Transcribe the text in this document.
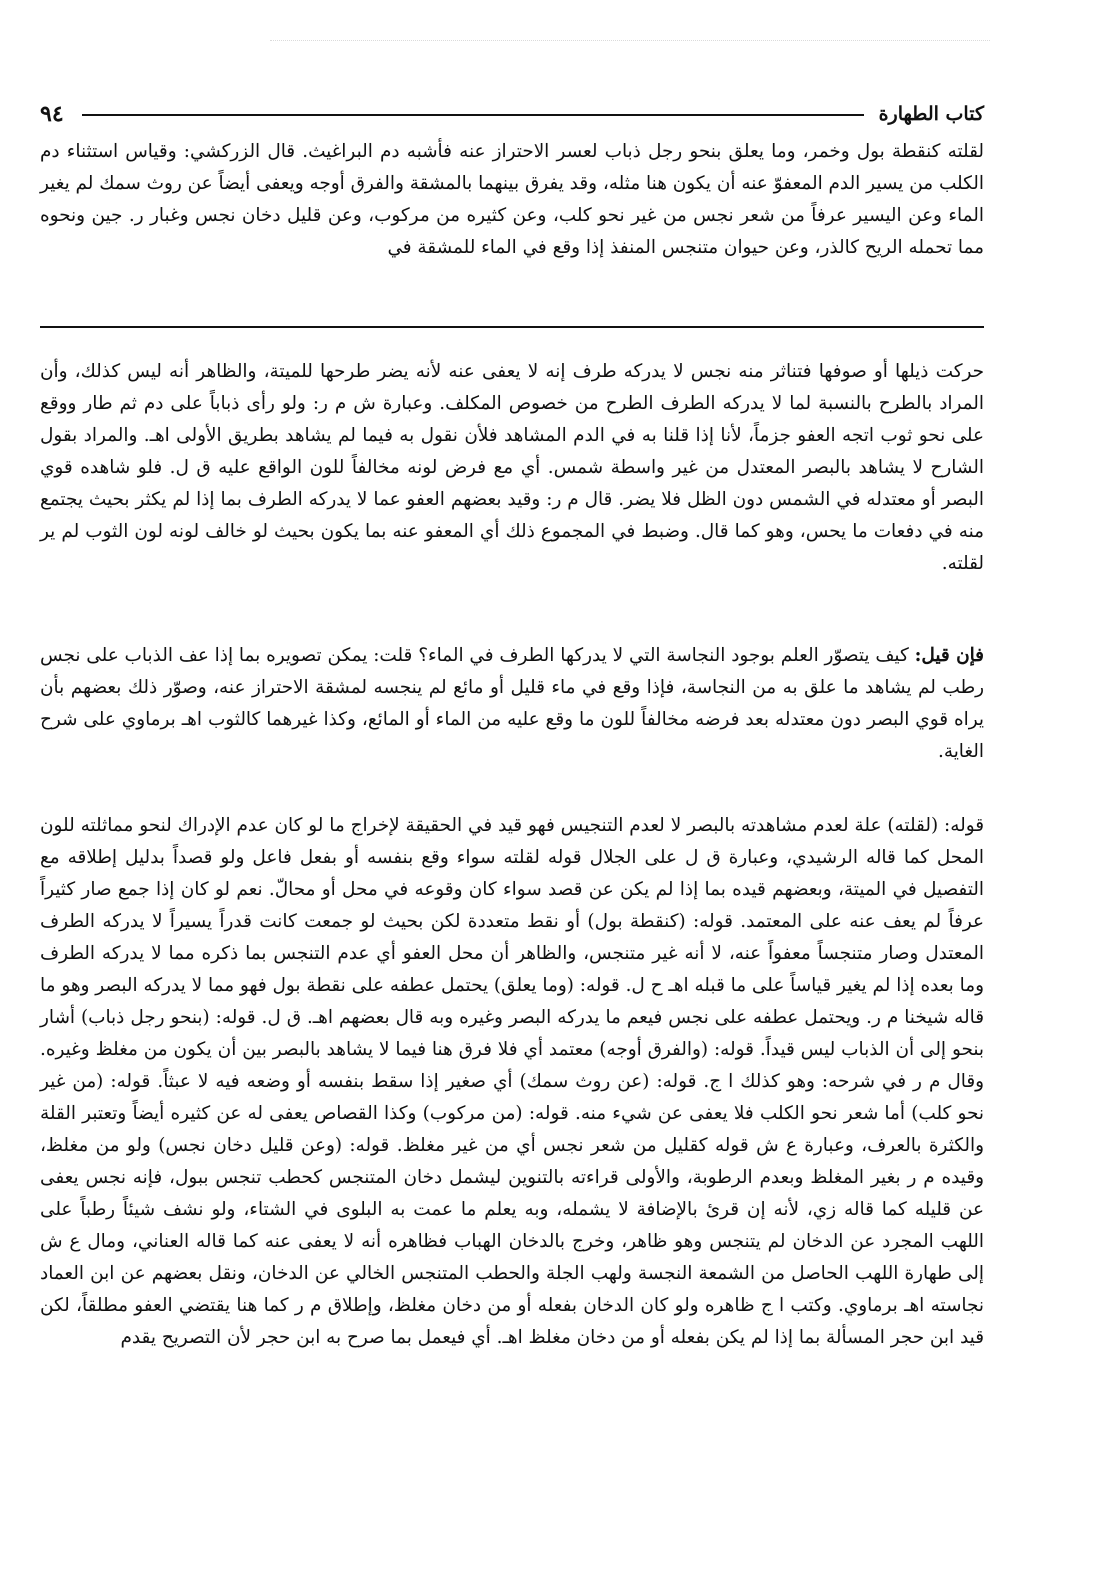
٩٤	كتاب الطهارة

لقلته كنقطة بول وخمر، وما يعلق بنحو رجل ذباب لعسر الاحتراز عنه فأشبه دم البراغيث. قال الزركشي: وقياس استثناء دم الكلب من يسير الدم المعفوّ عنه أن يكون هنا مثله، وقد يفرق بينهما بالمشقة والفرق أوجه ويعفى أيضاً عن روث سمك لم يغير الماء وعن اليسير عرفاً من شعر نجس من غير نحو كلب، وعن كثيره من مركوب، وعن قليل دخان نجس وغبار ر. جين ونحوه مما تحمله الريح كالذر، وعن حيوان متنجس المنفذ إذا وقع في الماء للمشقة في

حركت ذيلها أو صوفها فتناثر منه نجس لا يدركه طرف إنه لا يعفى عنه لأنه يضر طرحها للميتة، والظاهر أنه ليس كذلك، وأن المراد بالطرح بالنسبة لما لا يدركه الطرف الطرح من خصوص المكلف. وعبارة ش م ر: ولو رأى ذباباً على دم ثم طار ووقع على نحو ثوب اتجه العفو جزماً، لأنا إذا قلنا به في الدم المشاهد فلأن نقول به فيما لم يشاهد بطريق الأولى اهـ. والمراد بقول الشارح لا يشاهد بالبصر المعتدل من غير واسطة شمس. أي مع فرض لونه مخالفاً للون الواقع عليه ق ل. فلو شاهده قوي البصر أو معتدله في الشمس دون الظل فلا يضر. قال م ر: وقيد بعضهم العفو عما لا يدركه الطرف بما إذا لم يكثر بحيث يجتمع منه في دفعات ما يحس، وهو كما قال. وضبط في المجموع ذلك أي المعفو عنه بما يكون بحيث لو خالف لونه لون الثوب لم ير لقلته.

فإن قيل: كيف يتصوّر العلم بوجود النجاسة التي لا يدركها الطرف في الماء؟ قلت: يمكن تصويره بما إذا عف الذباب على نجس رطب لم يشاهد ما علق به من النجاسة، فإذا وقع في ماء قليل أو مائع لم ينجسه لمشقة الاحتراز عنه، وصوّر ذلك بعضهم بأن يراه قوي البصر دون معتدله بعد فرضه مخالفاً للون ما وقع عليه من الماء أو المائع، وكذا غيرهما كالثوب اهـ برماوي على شرح الغاية.

قوله: (لقلته) علة لعدم مشاهدته بالبصر لا لعدم التنجيس فهو قيد في الحقيقة لإخراج ما لو كان عدم الإدراك لنحو مماثلته للون المحل كما قاله الرشيدي، وعبارة ق ل على الجلال قوله لقلته سواء وقع بنفسه أو بفعل فاعل ولو قصداً بدليل إطلاقه مع التفصيل في الميتة، وبعضهم قيده بما إذا لم يكن عن قصد سواء كان وقوعه في محل أو محالّ. نعم لو كان إذا جمع صار كثيراً عرفاً لم يعف عنه على المعتمد. قوله: (كنقطة بول) أو نقط متعددة لكن بحيث لو جمعت كانت قدراً يسيراً لا يدركه الطرف المعتدل وصار متنجساً معفواً عنه، لا أنه غير متنجس، والظاهر أن محل العفو أي عدم التنجس بما ذكره مما لا يدركه الطرف وما بعده إذا لم يغير قياساً على ما قبله اهـ ح ل. قوله: (وما يعلق) يحتمل عطفه على نقطة بول فهو مما لا يدركه البصر وهو ما قاله شيخنا م ر. ويحتمل عطفه على نجس فيعم ما يدركه البصر وغيره وبه قال بعضهم اهـ. ق ل. قوله: (بنحو رجل ذباب) أشار بنحو إلى أن الذباب ليس قيداً. قوله: (والفرق أوجه) معتمد أي فلا فرق هنا فيما لا يشاهد بالبصر بين أن يكون من مغلظ وغيره. وقال م ر في شرحه: وهو كذلك ا ج. قوله: (عن روث سمك) أي صغير إذا سقط بنفسه أو وضعه فيه لا عبثاً. قوله: (من غير نحو كلب) أما شعر نحو الكلب فلا يعفى عن شيء منه. قوله: (من مركوب) وكذا القصاص يعفى له عن كثيره أيضاً وتعتبر القلة والكثرة بالعرف، وعبارة ع ش قوله كقليل من شعر نجس أي من غير مغلظ. قوله: (وعن قليل دخان نجس) ولو من مغلظ، وقيده م ر بغير المغلظ وبعدم الرطوبة، والأولى قراءته بالتنوين ليشمل دخان المتنجس كحطب تنجس ببول، فإنه نجس يعفى عن قليله كما قاله زي، لأنه إن قرئ بالإضافة لا يشمله، وبه يعلم ما عمت به البلوى في الشتاء، ولو نشف شيئاً رطباً على اللهب المجرد عن الدخان لم يتنجس وهو ظاهر، وخرج بالدخان الهباب فظاهره أنه لا يعفى عنه كما قاله العناني، ومال ع ش إلى طهارة اللهب الحاصل من الشمعة النجسة ولهب الجلة والحطب المتنجس الخالي عن الدخان، ونقل بعضهم عن ابن العماد نجاسته اهـ برماوي. وكتب ا ج ظاهره ولو كان الدخان بفعله أو من دخان مغلظ، وإطلاق م ر كما هنا يقتضي العفو مطلقاً، لكن قيد ابن حجر المسألة بما إذا لم يكن بفعله أو من دخان مغلظ اهـ. أي فيعمل بما صرح به ابن حجر لأن التصريح يقدم
